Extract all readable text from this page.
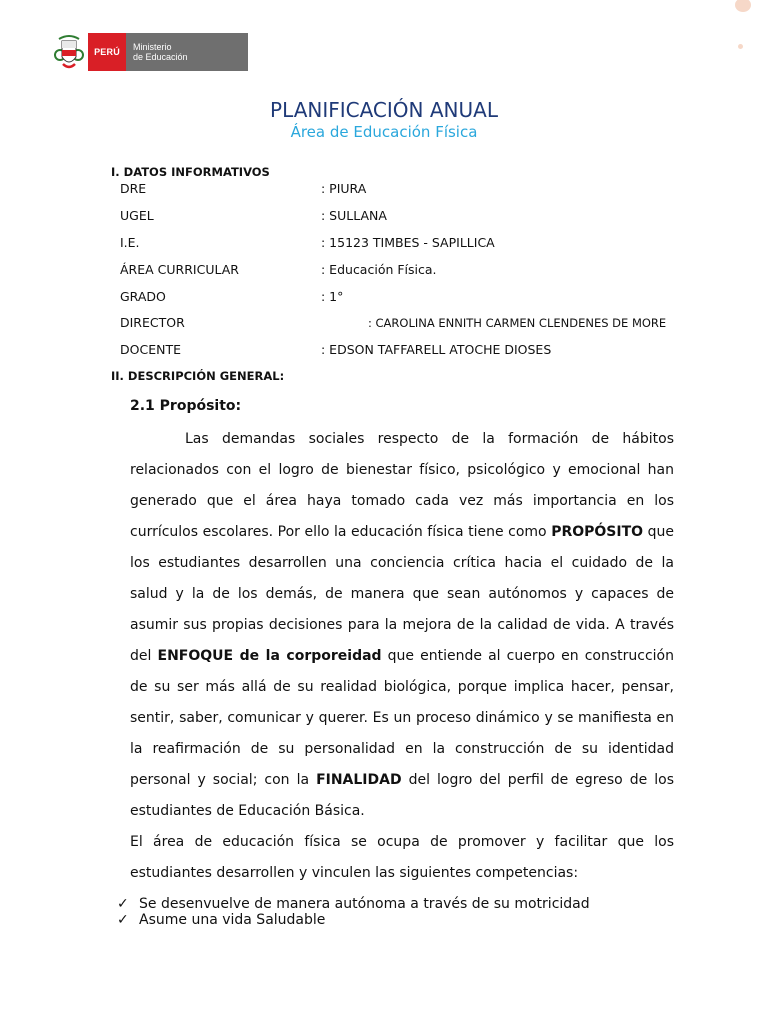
PERÚ Ministerio
de Educación
PLANIFICACIÓN ANUAL
Área de Educación Física
I. DATOS INFORMATIVOS
DRE	: PIURA
UGEL	: SULLANA
I.E.	: 15123 TIMBES - SAPILLICA
ÁREA CURRICULAR	: Educación Física.
GRADO	: 1°
DIRECTOR	: CAROLINA ENNITH CARMEN CLENDENES DE MORE
DOCENTE	: EDSON TAFFARELL ATOCHE DIOSES
II. DESCRIPCIÓN GENERAL:
2.1 Propósito:

Las demandas sociales respecto de la formación de hábitos relacionados con el logro de bienestar físico, psicológico y emocional han generado que el área haya tomado cada vez más importancia en los currículos escolares. Por ello la educación física tiene como PROPÓSITO que los estudiantes desarrollen una conciencia crítica hacia el cuidado de la salud y la de los demás, de manera que sean autónomos y capaces de asumir sus propias decisiones para la mejora de la calidad de vida. A través del ENFOQUE de la corporeidad que entiende al cuerpo en construcción de su ser más allá de su realidad biológica, porque implica hacer, pensar, sentir, saber, comunicar y querer. Es un proceso dinámico y se manifiesta en la reafirmación de su personalidad en la construcción de su identidad personal y social; con la FINALIDAD del logro del perfil de egreso de los estudiantes de Educación Básica.

El área de educación física se ocupa de promover y facilitar que los estudiantes desarrollen y vinculen las siguientes competencias:

✓ Se desenvuelve de manera autónoma a través de su motricidad
✓ Asume una vida Saludable
